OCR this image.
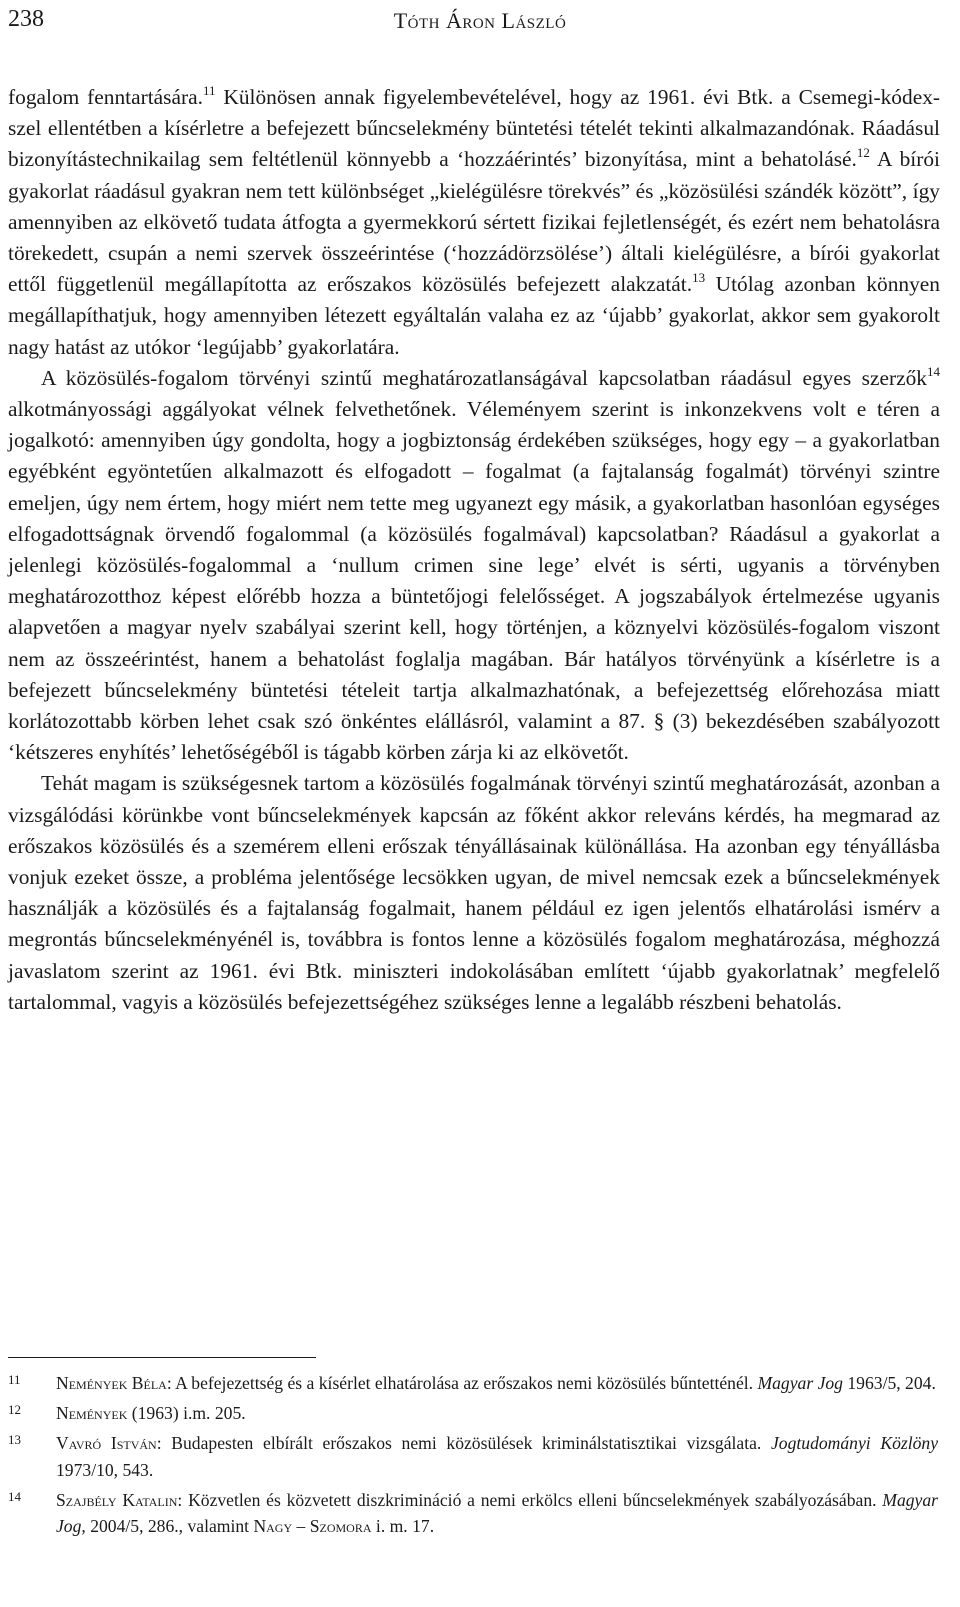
238	Tóth Áron László

fogalom fenntartására.$^{11}$ Különösen annak figyelembevételével, hogy az 1961. évi Btk. a Csemegi-kódex-szel ellentétben a kísérletre a befejezett bűncselekmény büntetési tételét tekinti alkalmazandónak. Ráadásul bizonyítástechnikailag sem feltétlenül könnyebb a ‘hozzáérintés’ bizonyítása, mint a behatolásé.$^{12}$ A bírói gyakorlat ráadásul gyakran nem tett különbséget „kielégülésre törekvés” és „közösülési szándék között”, így amennyiben az elkövető tudata átfogta a gyermekkorú sértett fizikai fejletlenségét, és ezért nem behatolásra törekedett, csupán a nemi szervek összeérintése (‘hozzádörzsölése’) általi kielégülésre, a bírói gyakorlat ettől függetlenül megállapította az erőszakos közösülés befejezett alakzatát.$^{13}$ Utólag azonban könnyen megállapíthatjuk, hogy amennyiben létezett egyáltalán valaha ez az ‘újabb’ gyakorlat, akkor sem gyakorolt nagy hatást az utókor ‘legújabb’ gyakorlatára.

A közösülés-fogalom törvényi szintű meghatározatlanságával kapcsolatban ráadásul egyes szerzők$^{14}$ alkotmányossági aggályokat vélnek felvethetőnek. Véleményem szerint is inkonzekvens volt e téren a jogalkotó: amennyiben úgy gondolta, hogy a jogbiztonság érdekében szükséges, hogy egy – a gyakorlatban egyébként egyöntetűen alkalmazott és elfogadott – fogalmat (a fajtalanság fogalmát) törvényi szintre emeljen, úgy nem értem, hogy miért nem tette meg ugyanezt egy másik, a gyakorlatban hasonlóan egységes elfogadottságnak örvendő fogalommal (a közösülés fogalmával) kapcsolatban? Ráadásul a gyakorlat a jelenlegi közösülés-fogalommal a ‘nullum crimen sine lege’ elvét is sérti, ugyanis a törvényben meghatározotthoz képest előrébb hozza a büntetőjogi felelősséget. A jogszabályok értelmezése ugyanis alapvetően a magyar nyelv szabályai szerint kell, hogy történjen, a köznyelvi közösülés-fogalom viszont nem az összeérintést, hanem a behatolást foglalja magában. Bár hatályos törvényünk a kísérletre is a befejezett bűncselekmény büntetési tételeit tartja alkalmazhatónak, a befejezettség előrehozása miatt korlátozottabb körben lehet csak szó önkéntes elállásról, valamint a 87. § (3) bekezdésében szabályozott ‘kétszeres enyhítés’ lehetőségéből is tágabb körben zárja ki az elkövetőt.

Tehát magam is szükségesnek tartom a közösülés fogalmának törvényi szintű meghatározását, azonban a vizsgálódási körünkbe vont bűncselekmények kapcsán az főként akkor releváns kérdés, ha megmarad az erőszakos közösülés és a szemérem elleni erőszak tényállásainak különállása. Ha azonban egy tényállásba vonjuk ezeket össze, a probléma jelentősége lecsökken ugyan, de mivel nemcsak ezek a bűncselekmények használják a közösülés és a fajtalanság fogalmait, hanem például ez igen jelentős elhatárolási ismérv a megrontás bűncselekményénél is, továbbra is fontos lenne a közösülés fogalom meghatározása, méghozzá javaslatom szerint az 1961. évi Btk. miniszteri indokolásában említett ‘újabb gyakorlatnak’ megfelelő tartalommal, vagyis a közösülés befejezettségéhez szükséges lenne a legalább részbeni behatolás.

11 Nemények Béla: A befejezettség és a kísérlet elhatárolása az erőszakos nemi közösülés bűntetténél. Magyar Jog 1963/5, 204.
12 Nemények (1963) i.m. 205.
13 Vavró István: Budapesten elbírált erőszakos nemi közösülések kriminálstatisztikai vizsgálata. Jogtudományi Közlöny 1973/10, 543.
14 Szajbély Katalin: Közvetlen és közvetett diszkrimináció a nemi erkölcs elleni bűncselekmények szabályozásában. Magyar Jog, 2004/5, 286., valamint Nagy – Szomora i. m. 17.
